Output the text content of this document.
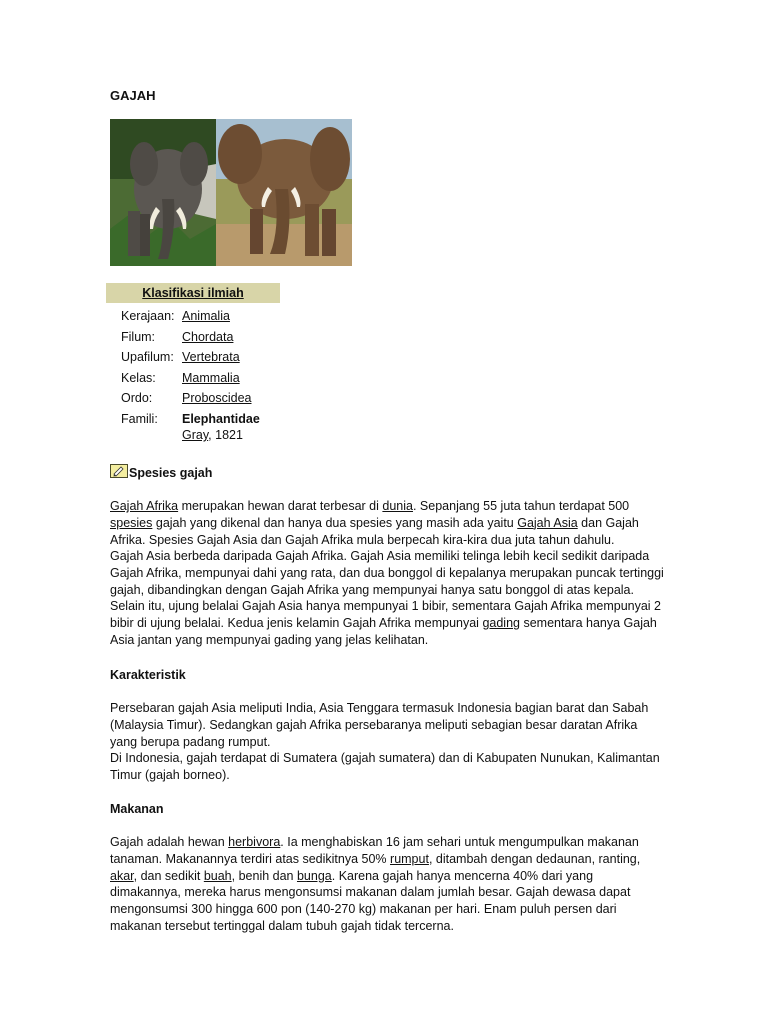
GAJAH
Klasifikasi ilmiah
Kerajaan: Animalia
Filum: Chordata
Upafilum: Vertebrata
Kelas: Mammalia
Ordo: Proboscidea
Famili: Elephantidae
Gray, 1821
Spesies gajah

Gajah Afrika merupakan hewan darat terbesar di dunia. Sepanjang 55 juta tahun terdapat 500

spesies gajah yang dikenal dan hanya dua spesies yang masih ada yaitu Gajah Asia dan Gajah

Afrika. Spesies Gajah Asia dan Gajah Afrika mula berpecah kira-kira dua juta tahun dahulu.

Gajah Asia berbeda daripada Gajah Afrika. Gajah Asia memiliki telinga lebih kecil sedikit daripada

Gajah Afrika, mempunyai dahi yang rata, dan dua bonggol di kepalanya merupakan puncak tertinggi

gajah, dibandingkan dengan Gajah Afrika yang mempunyai hanya satu bonggol di atas kepala.

Selain itu, ujung belalai Gajah Asia hanya mempunyai 1 bibir, sementara Gajah Afrika mempunyai 2

bibir di ujung belalai. Kedua jenis kelamin Gajah Afrika mempunyai gading sementara hanya Gajah

Asia jantan yang mempunyai gading yang jelas kelihatan.

Karakteristik

Persebaran gajah Asia meliputi India, Asia Tenggara termasuk Indonesia bagian barat dan Sabah

(Malaysia Timur). Sedangkan gajah Afrika persebaranya meliputi sebagian besar daratan Afrika

yang berupa padang rumput.

Di Indonesia, gajah terdapat di Sumatera (gajah sumatera) dan di Kabupaten Nunukan, Kalimantan

Timur (gajah borneo).

Makanan

Gajah adalah hewan herbivora. Ia menghabiskan 16 jam sehari untuk mengumpulkan makanan

tanaman. Makanannya terdiri atas sedikitnya 50% rumput, ditambah dengan dedaunan, ranting,

akar, dan sedikit buah, benih dan bunga. Karena gajah hanya mencerna 40% dari yang

dimakannya, mereka harus mengonsumsi makanan dalam jumlah besar. Gajah dewasa dapat

mengonsumsi 300 hingga 600 pon (140-270 kg) makanan per hari. Enam puluh persen dari

makanan tersebut tertinggal dalam tubuh gajah tidak tercerna.
